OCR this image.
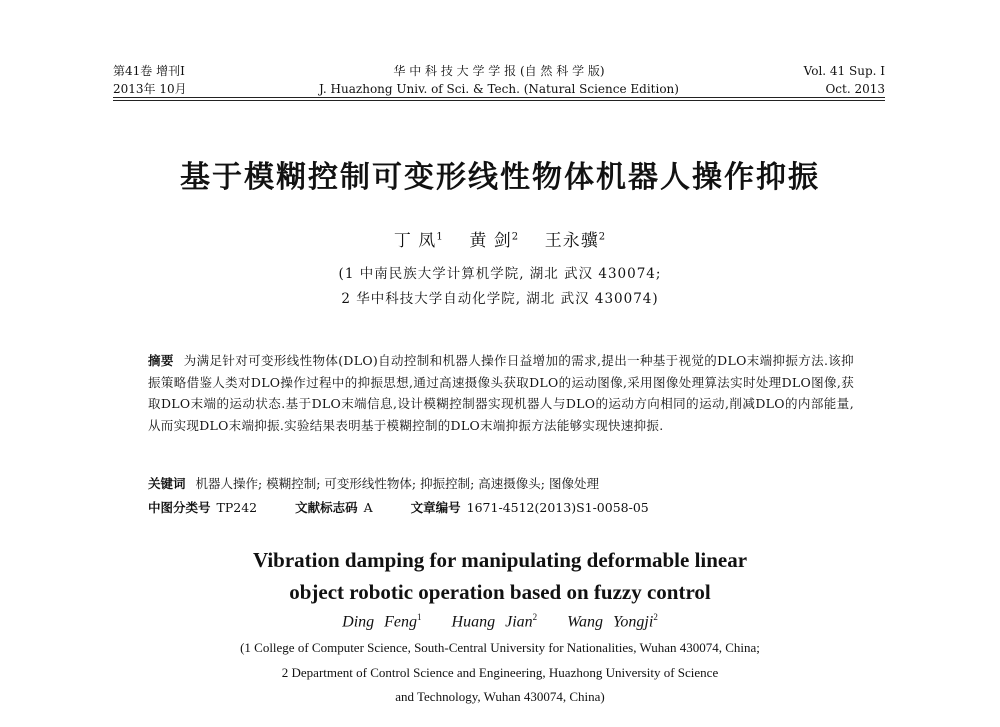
第41卷 增刊Ⅰ
2013年 10月
华 中 科 技 大 学 学 报 (自 然 科 学 版)
J. Huazhong Univ. of Sci. & Tech. (Natural Science Edition)
Vol. 41 Sup. Ⅰ
Oct. 2013
基于模糊控制可变形线性物体机器人操作抑振
丁 凤$^1$ 黄 剑$^2$ 王永骥$^2$
(1 中南民族大学计算机学院, 湖北 武汉 430074;
2 华中科技大学自动化学院, 湖北 武汉 430074)
摘要 为满足针对可变形线性物体(DLO)自动控制和机器人操作日益增加的需求,提出一种基于视觉的DLO末端抑振方法.该抑振策略借鉴人类对DLO操作过程中的抑振思想,通过高速摄像头获取DLO的运动图像,采用图像处理算法实时处理DLO图像,获取DLO末端的运动状态.基于DLO末端信息,设计模糊控制器实现机器人与DLO的运动方向相同的运动,削减DLO的内部能量,从而实现DLO末端抑振.实验结果表明基于模糊控制的DLO末端抑振方法能够实现快速抑振.
关键词 机器人操作; 模糊控制; 可变形线性物体; 抑振控制; 高速摄像头; 图像处理
中图分类号 TP242	文献标志码 A	文章编号 1671-4512(2013)S1-0058-05
Vibration damping for manipulating deformable linear
object robotic operation based on fuzzy control
Ding Feng$^1$ Huang Jian$^2$ Wang Yongji$^2$
(1 College of Computer Science, South-Central University for Nationalities, Wuhan 430074, China;
2 Department of Control Science and Engineering, Huazhong University of Science
and Technology, Wuhan 430074, China)
